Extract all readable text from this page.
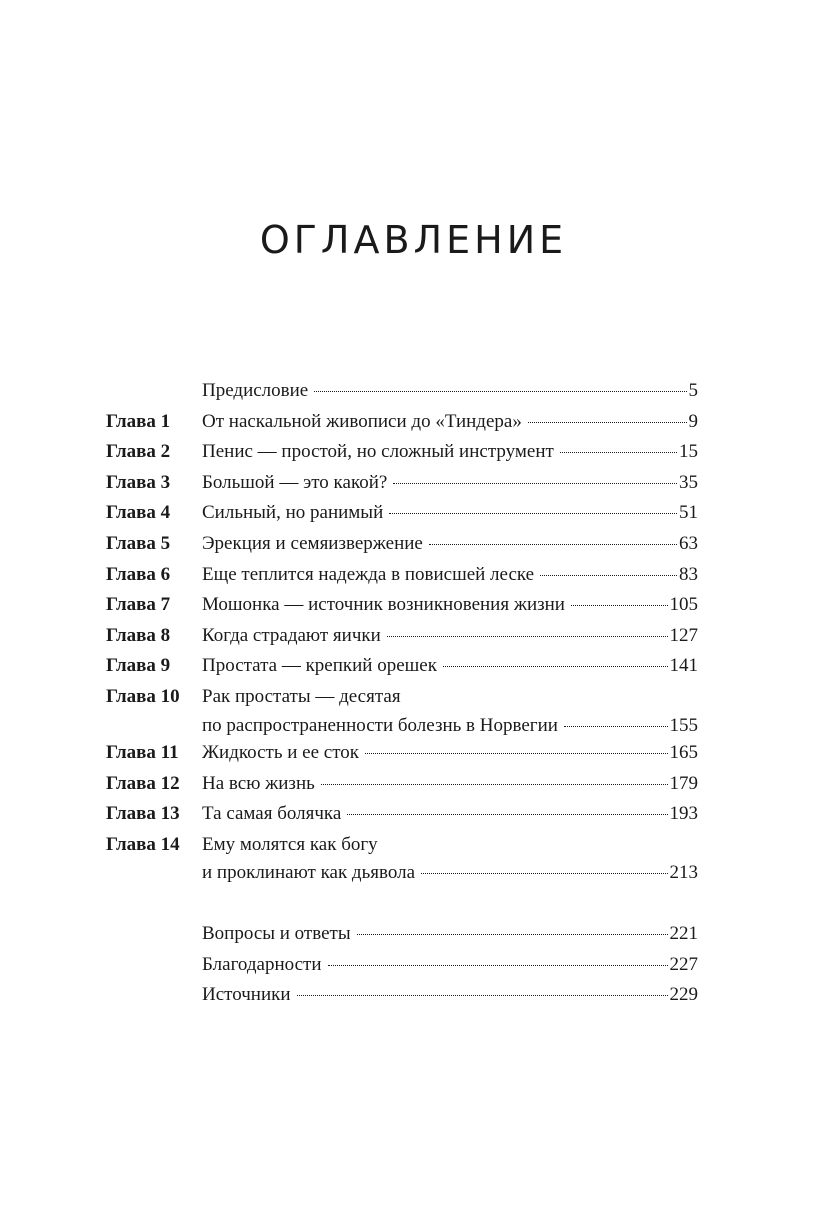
ОГЛАВЛЕНИЕ
Предисловие	5
Глава 1	От наскальной живописи до «Тиндера»	9
Глава 2	Пенис — простой, но сложный инструмент	15
Глава 3	Большой — это какой?	35
Глава 4	Сильный, но ранимый	51
Глава 5	Эрекция и семяизвержение	63
Глава 6	Еще теплится надежда в повисшей леске	83
Глава 7	Мошонка — источник возникновения жизни	105
Глава 8	Когда страдают яички	127
Глава 9	Простата — крепкий орешек	141
Глава 10	Рак простаты — десятая
по распространенности болезнь в Норвегии	155
Глава 11	Жидкость и ее сток	165
Глава 12	На всю жизнь	179
Глава 13	Та самая болячка	193
Глава 14	Ему молятся как богу
и проклинают как дьявола	213
Вопросы и ответы	221
Благодарности	227
Источники	229
